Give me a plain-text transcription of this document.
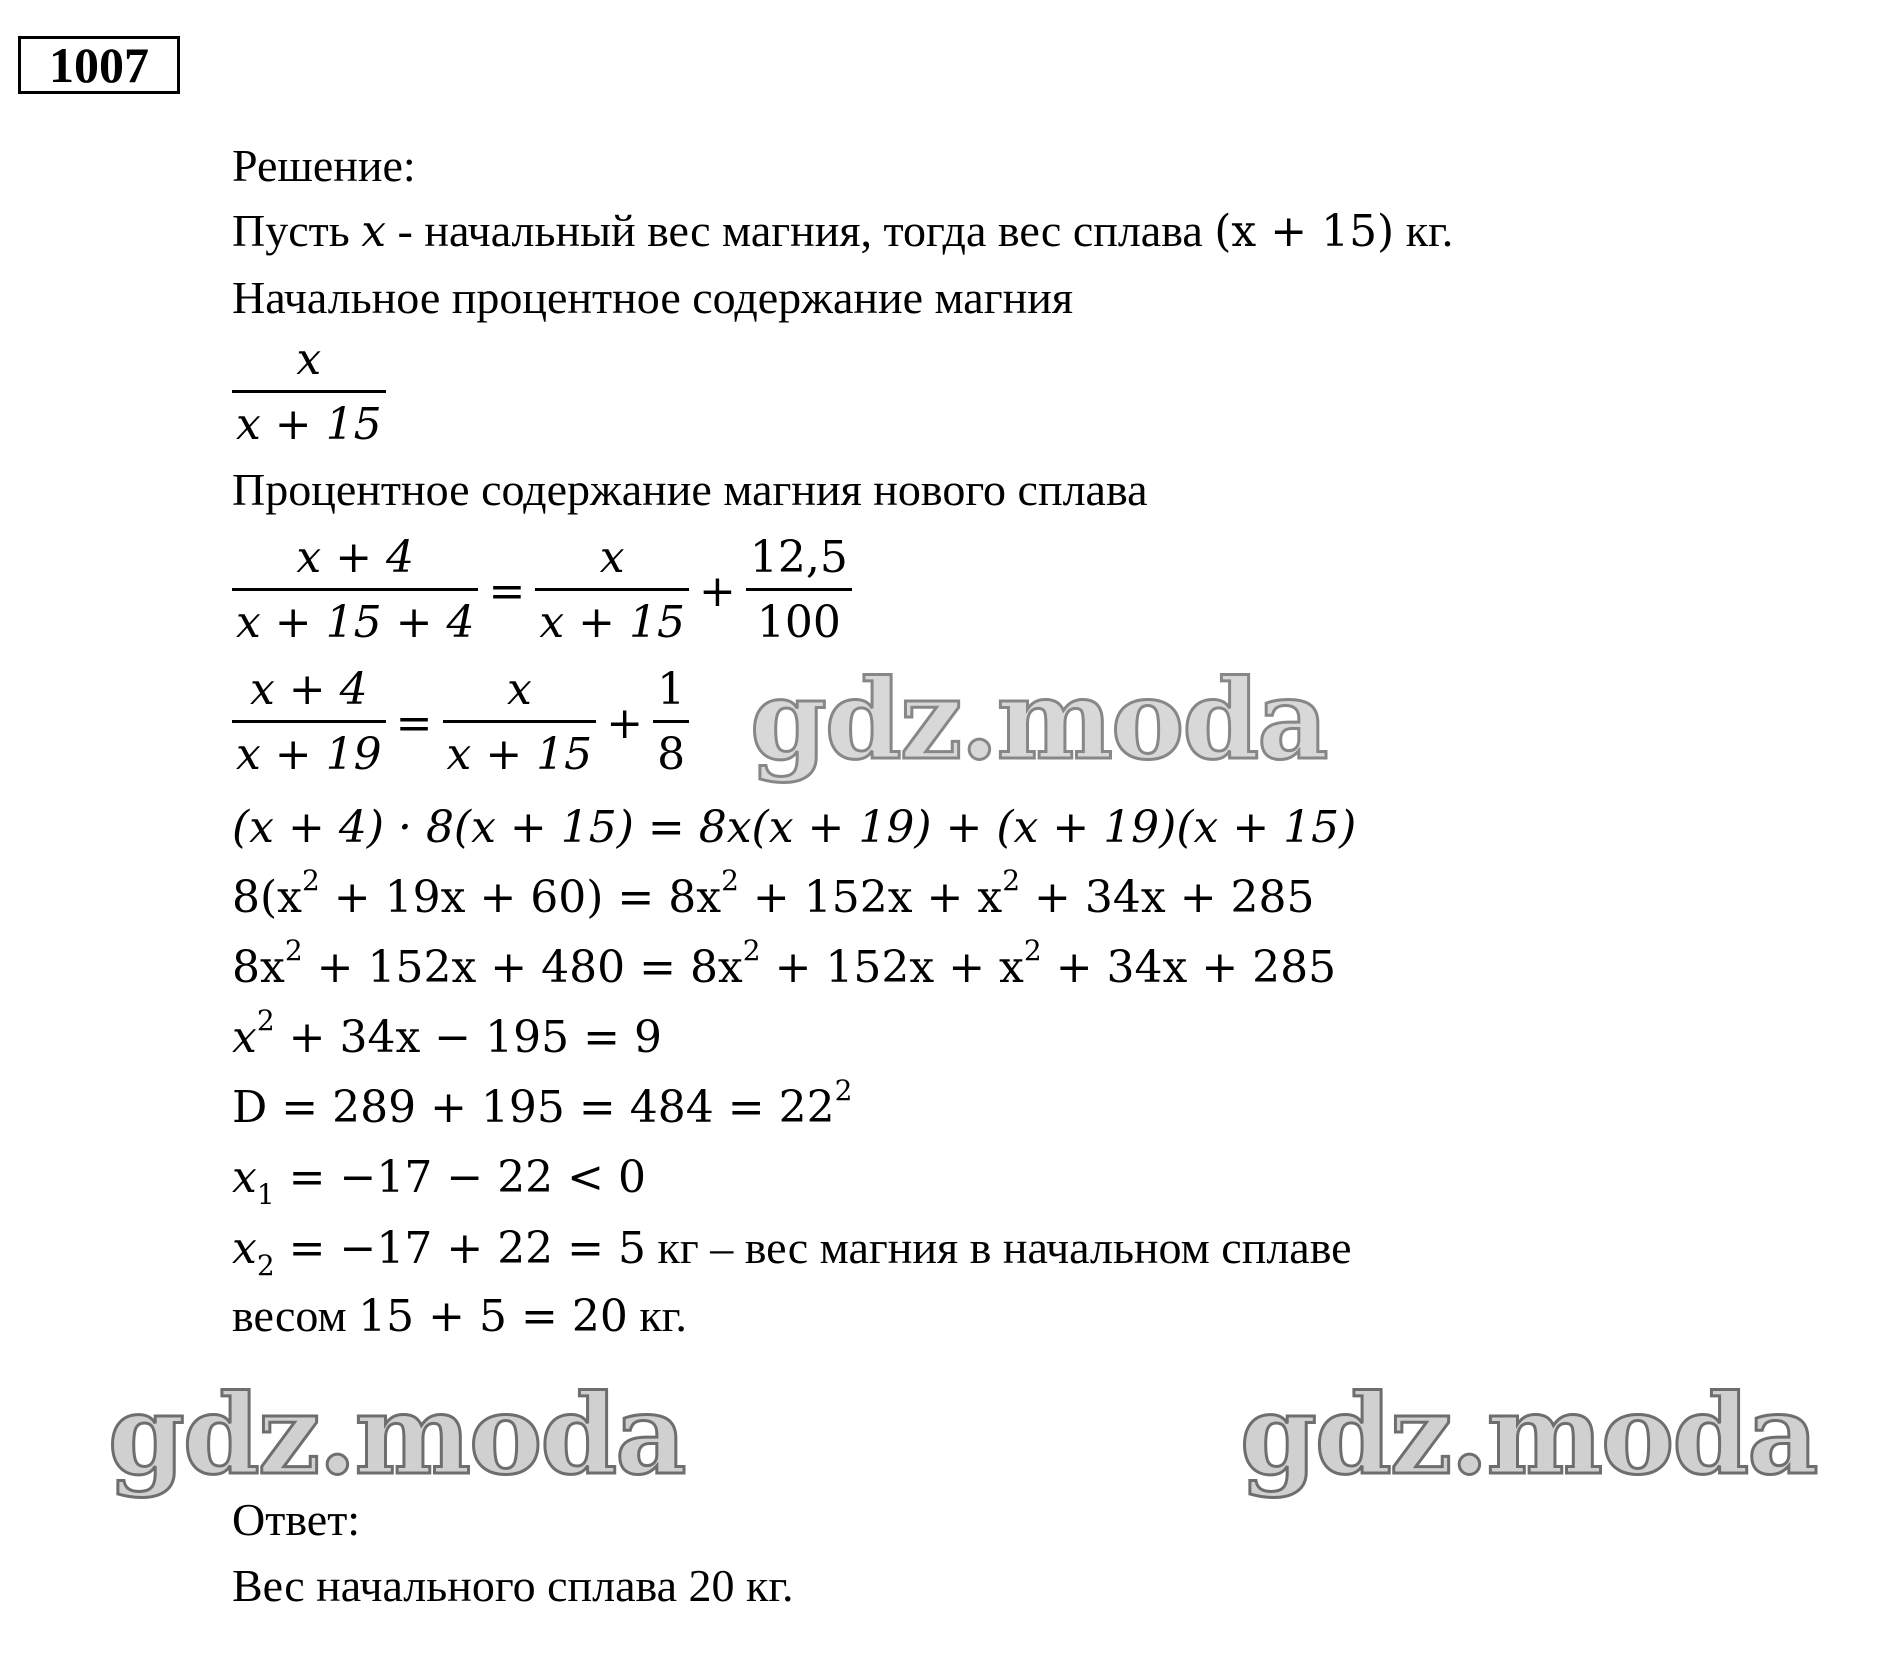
1007
Решение:
Пусть x - начальный вес магния, тогда вес сплава (x + 15) кг.
Начальное процентное содержание магния
$\frac{x}{x + 15}$
Процентное содержание магния нового сплава
$\frac{x + 4}{x + 15 + 4} = \frac{x}{x + 15} + \frac{12,5}{100}$
$\frac{x + 4}{x + 19} = \frac{x}{x + 15} + \frac{1}{8}$
(x + 4) · 8(x + 15) = 8x(x + 19) + (x + 19)(x + 15)
$8(x^2 + 19x + 60) = 8x^2 + 152x + x^2 + 34x + 285$
$8x^2 + 152x + 480 = 8x^2 + 152x + x^2 + 34x + 285$
$x^2 + 34x - 195 = 9$
$D = 289 + 195 = 484 = 22^2$
$x_1 = -17 - 22 < 0$
$x_2 = -17 + 22 = 5$ кг – вес магния в начальном сплаве
весом 15 + 5 = 20 кг.
Ответ:
Вес начального сплава 20 кг.
gdz.moda
gdz.moda	gdz.moda
